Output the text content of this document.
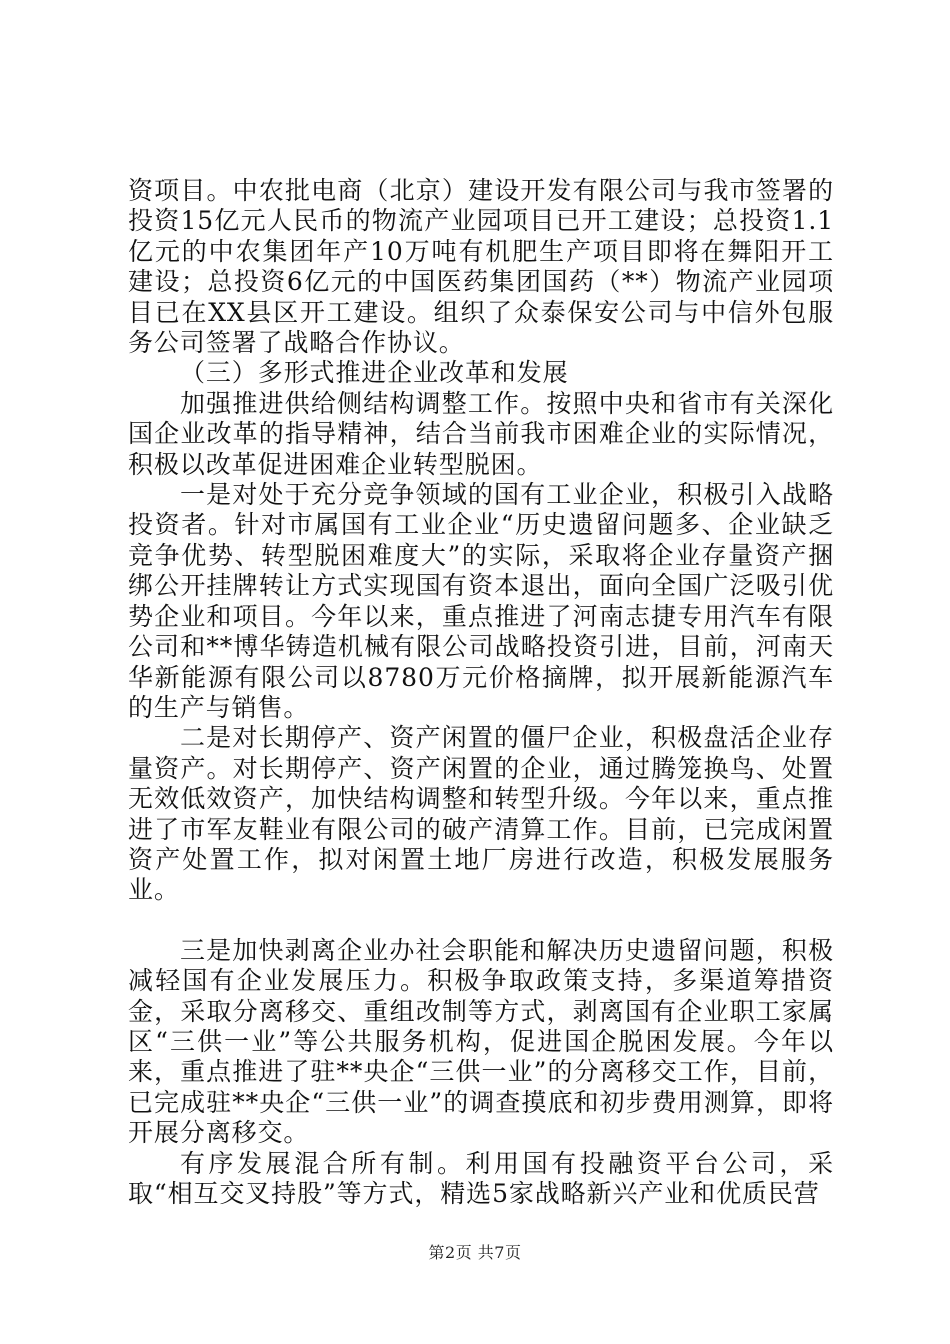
资项目。中农批电商（北京）建设开发有限公司与我市签署的投资15亿元人民币的物流产业园项目已开工建设；总投资1.1亿元的中农集团年产10万吨有机肥生产项目即将在舞阳开工建设；总投资6亿元的中国医药集团国药（**）物流产业园项目已在XX县区开工建设。组织了众泰保安公司与中信外包服务公司签署了战略合作协议。

（三）多形式推进企业改革和发展

加强推进供给侧结构调整工作。按照中央和省市有关深化国企业改革的指导精神，结合当前我市困难企业的实际情况，积极以改革促进困难企业转型脱困。

一是对处于充分竞争领域的国有工业企业，积极引入战略投资者。针对市属国有工业企业“历史遗留问题多、企业缺乏竞争优势、转型脱困难度大”的实际，采取将企业存量资产捆绑公开挂牌转让方式实现国有资本退出，面向全国广泛吸引优势企业和项目。今年以来，重点推进了河南志捷专用汽车有限公司和**博华铸造机械有限公司战略投资引进，目前，河南天华新能源有限公司以8780万元价格摘牌，拟开展新能源汽车的生产与销售。

二是对长期停产、资产闲置的僵尸企业，积极盘活企业存量资产。对长期停产、资产闲置的企业，通过腾笼换鸟、处置无效低效资产，加快结构调整和转型升级。今年以来，重点推进了市军友鞋业有限公司的破产清算工作。目前，已完成闲置资产处置工作，拟对闲置土地厂房进行改造，积极发展服务业。

三是加快剥离企业办社会职能和解决历史遗留问题，积极减轻国有企业发展压力。积极争取政策支持，多渠道筹措资金，采取分离移交、重组改制等方式，剥离国有企业职工家属区“三供一业”等公共服务机构，促进国企脱困发展。今年以来，重点推进了驻**央企“三供一业”的分离移交工作，目前，已完成驻**央企“三供一业”的调查摸底和初步费用测算，即将开展分离移交。

有序发展混合所有制。利用国有投融资平台公司，采取“相互交叉持股”等方式，精选5家战略新兴产业和优质民营

第2页 共7页
